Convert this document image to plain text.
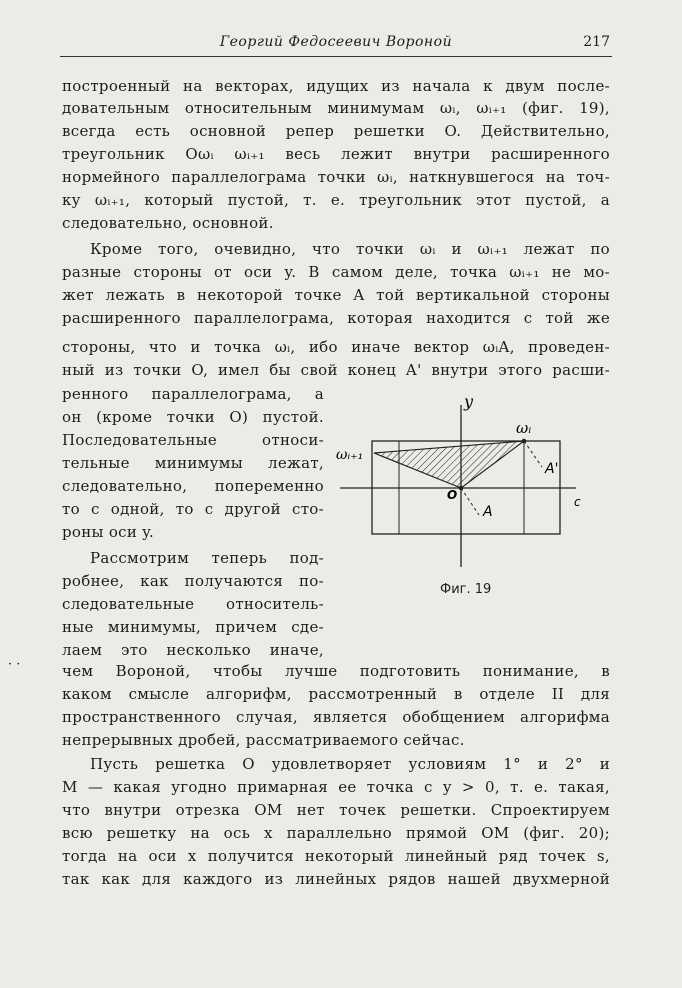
Георгий Федосеевич Вороной	217
построенный на векторах, идущих из начала к двум после-
довательным относительным минимумам ωᵢ, ωᵢ₊₁ (фиг. 19),
всегда есть основной репер решетки O. Действительно,
треугольник Oωᵢ ωᵢ₊₁ весь лежит внутри расширенного
нормейного параллелограма точки ωᵢ, наткнувшегося на точ-
ку ωᵢ₊₁, который пустой, т. е. треугольник этот пустой, а
следовательно, основной.
Кроме того, очевидно, что точки ωᵢ и ωᵢ₊₁ лежат по
разные стороны от оси y. В самом деле, точка ωᵢ₊₁ не мо-
жет лежать в некоторой точке A той вертикальной стороны
расширенного параллелограма, которая находится с той же
стороны, что и точка ωᵢ, ибо иначе вектор ωᵢA, проведен-
ный из точки O, имел бы свой конец A' внутри этого расши-
ренного параллелограма, а
он (кроме точки O) пустой.
Последовательные относи-
тельные минимумы лежат,
следовательно, попеременно
то с одной, то с другой сто-
роны оси y.
Рассмотрим теперь под-
робнее, как получаются по-
следовательные относитель-
ные минимумы, причем сде-
лаем это несколько иначе,
чем Вороной, чтобы лучше подготовить понимание, в
каком смысле алгорифм, рассмотренный в отделе II для
пространственного случая, является обобщением алгорифма
непрерывных дробей, рассматриваемого сейчас.
Пусть решетка O удовлетворяет условиям 1° и 2° и
M — какая угодно примарная ее точка с y > 0, т. е. такая,
что внутри отрезка OM нет точек решетки. Спроектируем
всю решетку на ось x параллельно прямой OM (фиг. 20);
тогда на оси x получится некоторый линейный ряд точек s,
так как для каждого из линейных рядов нашей двухмерной
· ·
y
ωᵢ
ωᵢ₊₁
A'
A
O	c
Фиг. 19
